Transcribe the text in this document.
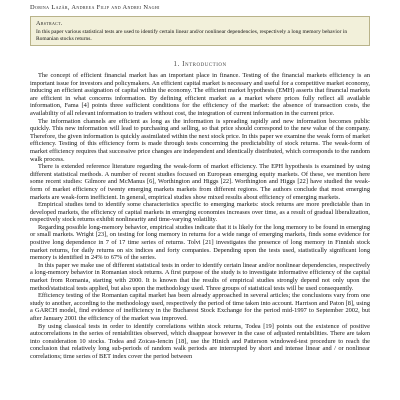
Dorina Lazăr, Andreea Filip and Andrei Naghi
Abstract.
In this paper various statistical tests are used to identify certain linear and/or nonlinear dependencies, respectively a long memory behavior in Romanian stocks returns.
1. Introduction

The concept of efficient financial market has an important place in finance. Testing of the financial markets efficiency is an important issue for investors and policymakers. An efficient capital market is necessary and useful for a competitive market economy, inducing an efficient assignation of capital within the economy. The efficient market hypothesis (EMH) asserts that financial markets are efficient in what concerns information. By defining efficient market as a market where prices fully reflect all available information, Fama [4] points three sufficient conditions for the efficiency of the market: the absence of transaction costs, the availability of all relevant information to traders without cost, the integration of current information in the current price.

The information channels are efficient as long as the information is spreading rapidly and new information becomes public quickly. This new information will lead to purchasing and selling, so that price should correspond to the new value of the company. Therefore, the given information is quickly assimilated within the next stock price. In this paper we examine the weak form of market efficiency. Testing of this efficiency form is made through tests concerning the predictability of stock returns. The weak-form of market efficiency requires that successive price changes are independent and identically distributed, which corresponds to the random walk process.

There is extended reference literature regarding the weak-form of market efficiency. The EPH hypothesis is examined by using different statistical methods. A number of recent studies focused on European emerging equity markets. Of these, we mention here some recent studies: Gilmore and McManus [6], Worthington and Higgs [22]. Worthington and Higgs [22] have studied the weak-form of market efficiency of twenty emerging markets markets from different regions. The authors conclude that most emerging markets are weak-form inefficient. In general, empirical studies show mixed results about efficiency of emerging markets.

Empirical studies tend to identify some characteristics specific to emerging markets: stock returns are more predictable than in developed markets, the efficiency of capital markets in emerging economies increases over time, as a result of gradual liberalization, respectively stock returns exhibit nonlinearity and time-varying volatility.

Regarding possible long-memory behavior, empirical studies indicate that it is likely for the long memory to be found in emerging or small markets. Wright [23], on testing for long memory in returns for a wide range of emerging markets, finds some evidence for positive long dependence in 7 of 17 time series of returns. Tolvi [21] investigates the presence of long memory in Finnish stock market returns, for daily returns on six indices and forty companies. Depending upon the tests used, statistically significant long memory is identified in 24% to 67% of the series.

In this paper we make use of different statistical tests in order to identify certain linear and/or nonlinear dependencies, respectively a long-memory behavior in Romanian stock returns. A first purpose of the study is to investigate informative efficiency of the capital market from Romania, starting with 2000. It is known that the results of empirical studies strongly depend not only upon the method/statistical tests applied, but also upon the methodology used. Three groups of statistical tests will be used consequently.

Efficiency testing of the Romanian capital market has been already approached in several articles; the conclusions vary from one study to another, according to the methodology used, respectively the period of time taken into account. Harrison and Paton [8], using a GARCH model, find evidence of inefficiency in the Bucharest Stock Exchange for the period mid-1997 to September 2002, but after January 2001 the efficiency of the market was improved.

By using classical tests in order to identify correlations within stock returns, Todea [19] points out the existence of positive autocorrelations in the series of rentabilities observed, which disappear however in the case of adjusted rentabilities. There are taken into consideration 10 stocks. Todea and Zoicas-Iencin [18], use the Hinich and Patterson windowed-test procedure to reach the conclusion that relatively long sub-periods of random walk periods are interrupted by short and intense linear and / or nonlinear correlations; time series of BET index cover the period between
